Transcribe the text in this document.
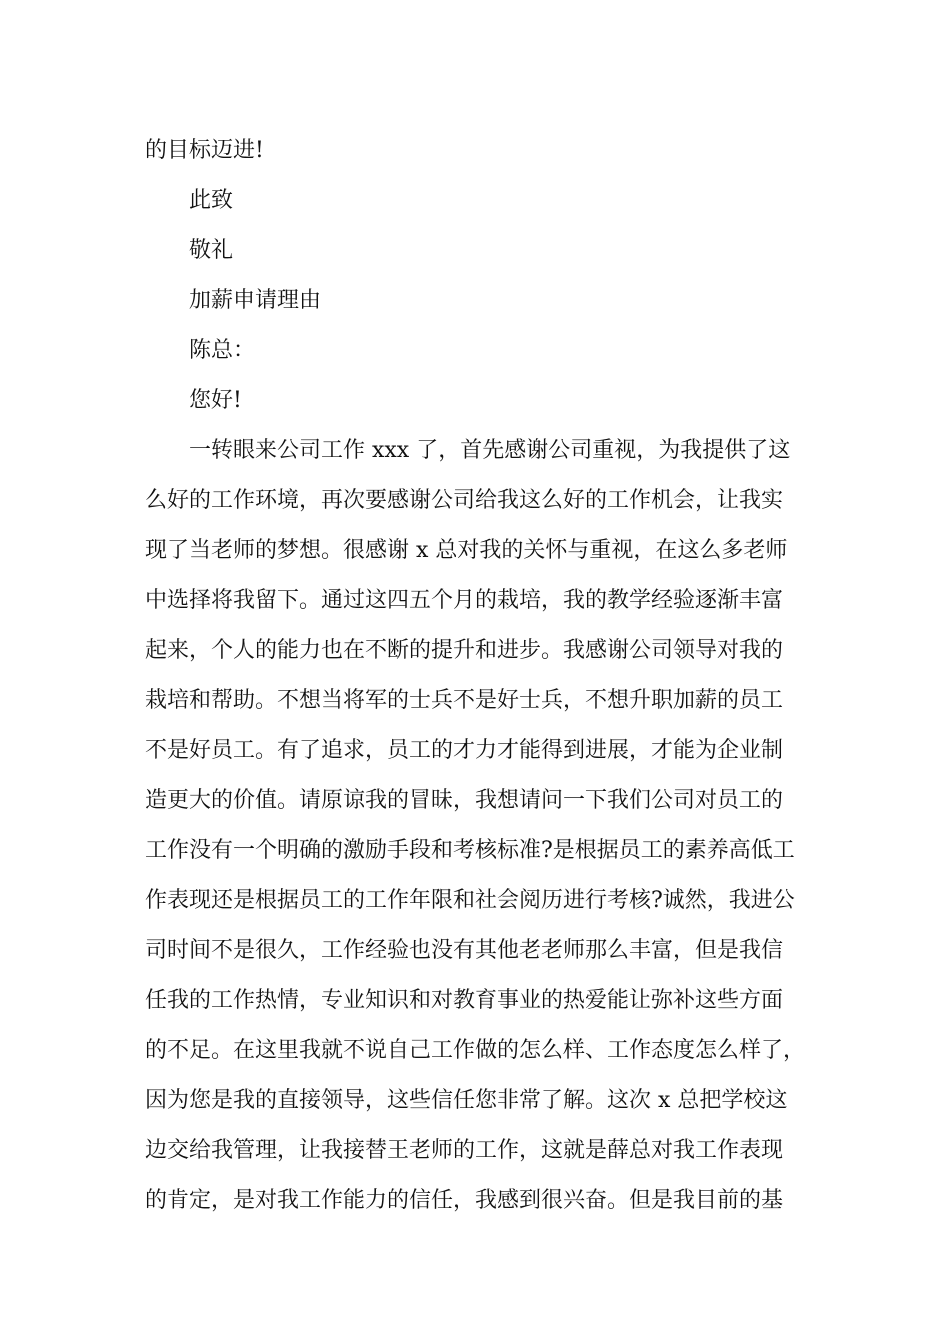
的目标迈进!
此致
敬礼
加薪申请理由
陈总：
您好!
一转眼来公司工作 xxx 了，首先感谢公司重视，为我提供了这
么好的工作环境，再次要感谢公司给我这么好的工作机会，让我实
现了当老师的梦想。很感谢 x 总对我的关怀与重视，在这么多老师
中选择将我留下。通过这四五个月的栽培，我的教学经验逐渐丰富
起来，个人的能力也在不断的提升和进步。我感谢公司领导对我的
栽培和帮助。不想当将军的士兵不是好士兵，不想升职加薪的员工
不是好员工。有了追求，员工的才力才能得到进展，才能为企业制
造更大的价值。请原谅我的冒昧，我想请问一下我们公司对员工的
工作没有一个明确的激励手段和考核标准?是根据员工的素养高低工
作表现还是根据员工的工作年限和社会阅历进行考核?诚然，我进公
司时间不是很久，工作经验也没有其他老老师那么丰富，但是我信
任我的工作热情，专业知识和对教育事业的热爱能让弥补这些方面
的不足。在这里我就不说自己工作做的怎么样、工作态度怎么样了，
因为您是我的直接领导，这些信任您非常了解。这次 x 总把学校这
边交给我管理，让我接替王老师的工作，这就是薛总对我工作表现
的肯定，是对我工作能力的信任，我感到很兴奋。但是我目前的基
